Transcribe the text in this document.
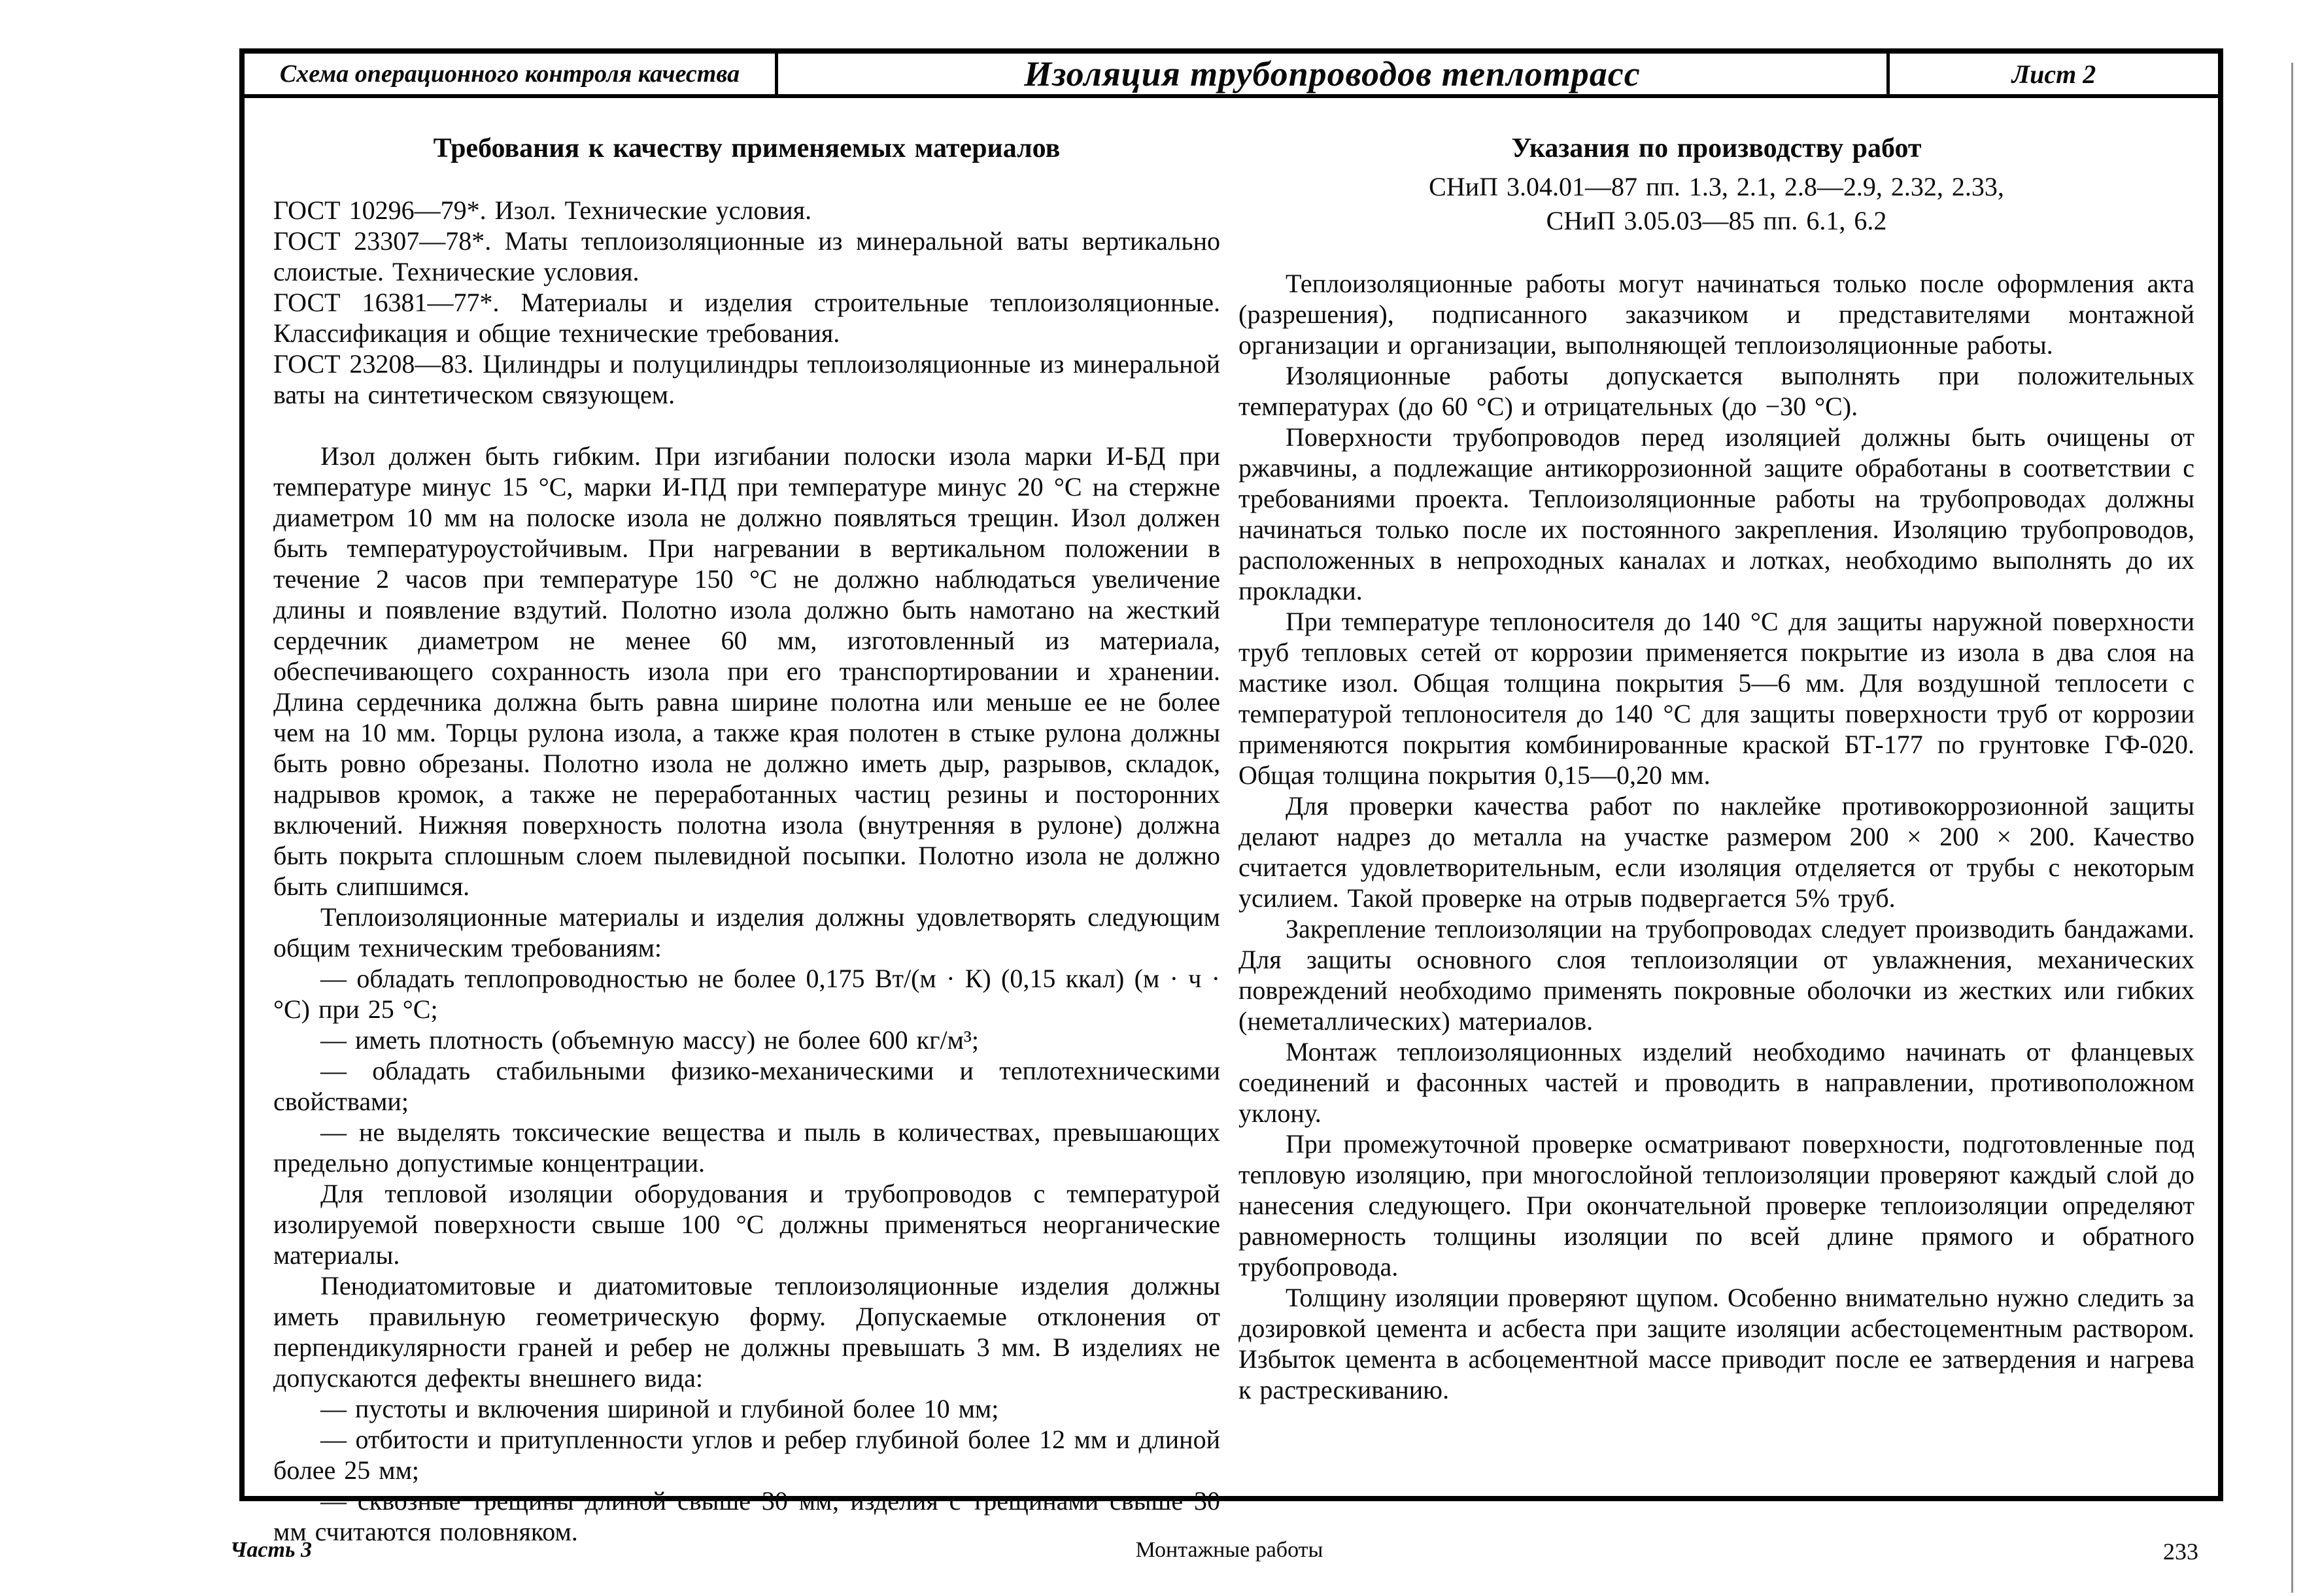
Схема операционного контроля качества	Изоляция трубопроводов теплотрасс	Лист 2
Требования к качеству применяемых материалов

ГОСТ 10296—79*. Изол. Технические условия.

ГОСТ 23307—78*. Маты теплоизоляционные из минеральной ваты вертикально слоистые. Технические условия.

ГОСТ 16381—77*. Материалы и изделия строительные теплоизоляционные. Классификация и общие технические требования.

ГОСТ 23208—83. Цилиндры и полуцилиндры теплоизоляционные из минеральной ваты на синтетическом связующем.

Изол должен быть гибким. При изгибании полоски изола марки И-БД при температуре минус 15 °С, марки И-ПД при температуре минус 20 °С на стержне диаметром 10 мм на полоске изола не должно появляться трещин. Изол должен быть температуроустойчивым. При нагревании в вертикальном положении в течение 2 часов при температуре 150 °С не должно наблюдаться увеличение длины и появление вздутий. Полотно изола должно быть намотано на жесткий сердечник диаметром не менее 60 мм, изготовленный из материала, обеспечивающего сохранность изола при его транспортировании и хранении. Длина сердечника должна быть равна ширине полотна или меньше ее не более чем на 10 мм. Торцы рулона изола, а также края полотен в стыке рулона должны быть ровно обрезаны. Полотно изола не должно иметь дыр, разрывов, складок, надрывов кромок, а также не переработанных частиц резины и посторонних включений. Нижняя поверхность полотна изола (внутренняя в рулоне) должна быть покрыта сплошным слоем пылевидной посыпки. Полотно изола не должно быть слипшимся.

Теплоизоляционные материалы и изделия должны удовлетворять следующим общим техническим требованиям:

— обладать теплопроводностью не более 0,175 Вт/(м · К) (0,15 ккал) (м · ч · °С) при 25 °С;

— иметь плотность (объемную массу) не более 600 кг/м³;

— обладать стабильными физико-механическими и теплотехническими свойствами;

— не выделять токсические вещества и пыль в количествах, превышающих предельно допустимые концентрации.

Для тепловой изоляции оборудования и трубопроводов с температурой изолируемой поверхности свыше 100 °С должны применяться неорганические материалы.

Пенодиатомитовые и диатомитовые теплоизоляционные изделия должны иметь правильную геометрическую форму. Допускаемые отклонения от перпендикулярности граней и ребер не должны превышать 3 мм. В изделиях не допускаются дефекты внешнего вида:

— пустоты и включения шириной и глубиной более 10 мм;

— отбитости и притупленности углов и ребер глубиной более 12 мм и длиной более 25 мм;

— сквозные трещины длиной свыше 30 мм; изделия с трещинами свыше 30 мм считаются половняком.

Указания по производству работ
СНиП 3.04.01—87 пп. 1.3, 2.1, 2.8—2.9, 2.32, 2.33,
СНиП 3.05.03—85 пп. 6.1, 6.2

Теплоизоляционные работы могут начинаться только после оформления акта (разрешения), подписанного заказчиком и представителями монтажной организации и организации, выполняющей теплоизоляционные работы.

Изоляционные работы допускается выполнять при положительных температурах (до 60 °С) и отрицательных (до −30 °С).

Поверхности трубопроводов перед изоляцией должны быть очищены от ржавчины, а подлежащие антикоррозионной защите обработаны в соответствии с требованиями проекта. Теплоизоляционные работы на трубопроводах должны начинаться только после их постоянного закрепления. Изоляцию трубопроводов, расположенных в непроходных каналах и лотках, необходимо выполнять до их прокладки.

При температуре теплоносителя до 140 °С для защиты наружной поверхности труб тепловых сетей от коррозии применяется покрытие из изола в два слоя на мастике изол. Общая толщина покрытия 5—6 мм. Для воздушной теплосети с температурой теплоносителя до 140 °С для защиты поверхности труб от коррозии применяются покрытия комбинированные краской БТ-177 по грунтовке ГФ-020. Общая толщина покрытия 0,15—0,20 мм.

Для проверки качества работ по наклейке противокоррозионной защиты делают надрез до металла на участке размером 200 × 200 × 200. Качество считается удовлетворительным, если изоляция отделяется от трубы с некоторым усилием. Такой проверке на отрыв подвергается 5% труб.

Закрепление теплоизоляции на трубопроводах следует производить бандажами. Для защиты основного слоя теплоизоляции от увлажнения, механических повреждений необходимо применять покровные оболочки из жестких или гибких (неметаллических) материалов.

Монтаж теплоизоляционных изделий необходимо начинать от фланцевых соединений и фасонных частей и проводить в направлении, противоположном уклону.

При промежуточной проверке осматривают поверхности, подготовленные под тепловую изоляцию, при многослойной теплоизоляции проверяют каждый слой до нанесения следующего. При окончательной проверке теплоизоляции определяют равномерность толщины изоляции по всей длине прямого и обратного трубопровода.

Толщину изоляции проверяют щупом. Особенно внимательно нужно следить за дозировкой цемента и асбеста при защите изоляции асбестоцементным раствором. Избыток цемента в асбоцементной массе приводит после ее затвердения и нагрева к растрескиванию.

Часть 3	Монтажные работы	233
